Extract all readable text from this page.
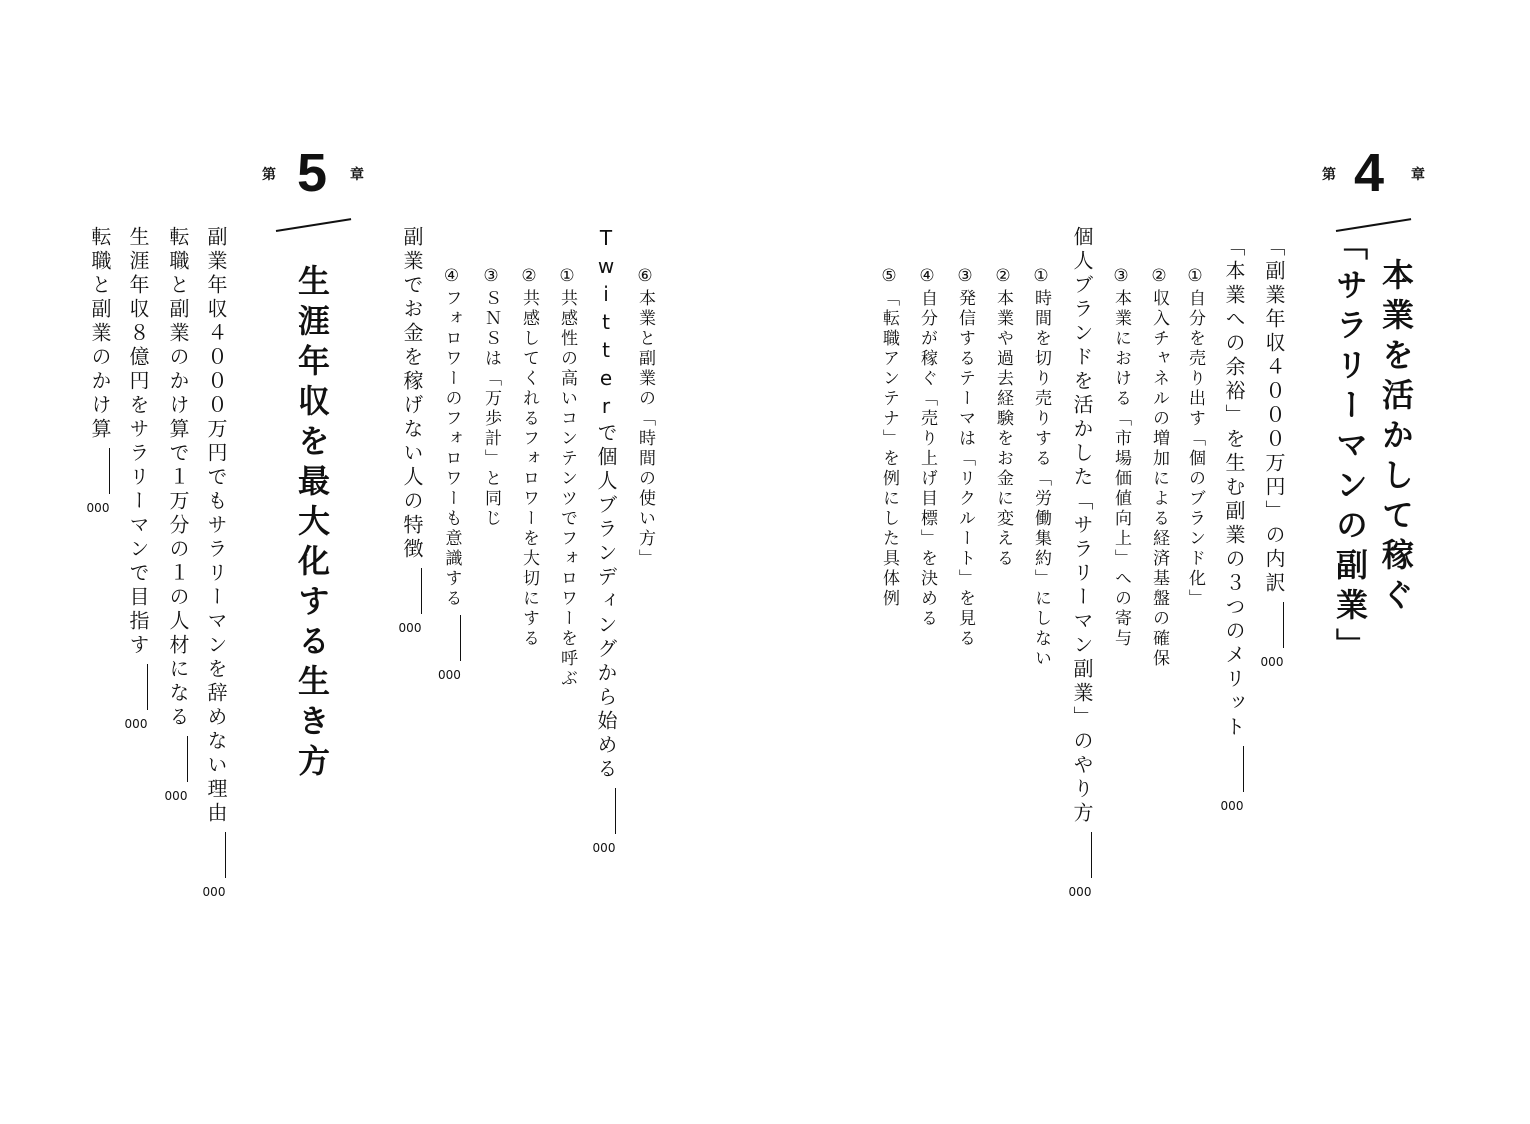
第 4 章
本業を活かして稼ぐ
「サラリーマンの副業」
「副業年収４０００万円」の内訳000
「本業への余裕」を生む副業の３つのメリット000
①自分を売り出す「個のブランド化」
②収入チャネルの増加による経済基盤の確保
③本業における「市場価値向上」への寄与
個人ブランドを活かした「サラリーマン副業」のやり方000
①時間を切り売りする「労働集約」にしない
②本業や過去経験をお金に変える
③発信するテーマは「リクルート」を見る
④自分が稼ぐ「売り上げ目標」を決める
⑤「転職アンテナ」を例にした具体例
第 5 章
生涯年収を最大化する生き方	⑥本業と副業の「時間の使い方」
Twitterで個人ブランディングから始める000
①共感性の高いコンテンツでフォロワーを呼ぶ
②共感してくれるフォロワーを大切にする
③ＳＮＳは「万歩計」と同じ
④フォロワーのフォロワーも意識する000
副業でお金を稼げない人の特徴000
副業年収４０００万円でもサラリーマンを辞めない理由000
転職と副業のかけ算で１万分の１の人材になる000
生涯年収８億円をサラリーマンで目指す000
転職と副業のかけ算000
